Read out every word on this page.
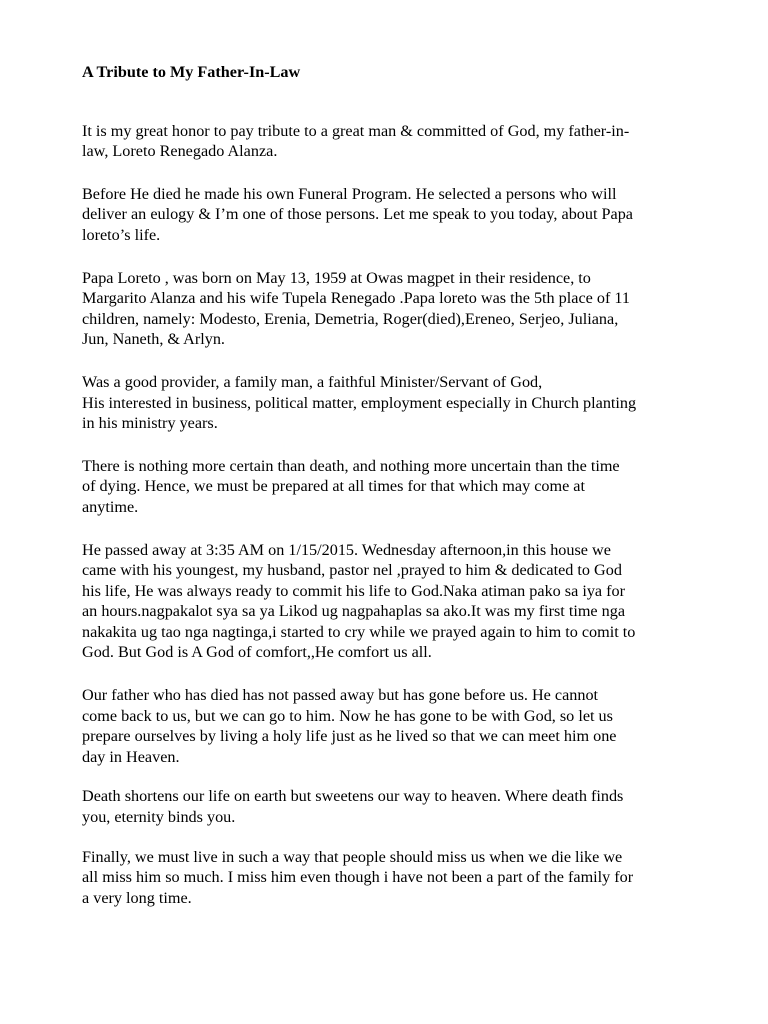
A Tribute to My Father-In-Law
It is my great honor to pay tribute to a great man & committed of God, my father-in-
law, Loreto Renegado Alanza.
Before He died he made his own Funeral Program. He selected a persons who will
deliver an eulogy & I’m one of those persons. Let me speak to you today, about Papa
loreto’s life.
Papa Loreto , was born on May 13, 1959 at Owas magpet in their residence, to
Margarito Alanza and his wife Tupela Renegado .Papa loreto was the 5th place of 11
children, namely: Modesto, Erenia, Demetria, Roger(died),Ereneo, Serjeo, Juliana,
Jun, Naneth, & Arlyn.
Was a good provider, a family man, a faithful Minister/Servant of God,
His interested in business, political matter, employment especially in Church planting
in his ministry years.
There is nothing more certain than death, and nothing more uncertain than the time
of dying. Hence, we must be prepared at all times for that which may come at
anytime.
He passed away at 3:35 AM on 1/15/2015. Wednesday afternoon,in this house we
came with his youngest, my husband, pastor nel ,prayed to him & dedicated to God
his life, He was always ready to commit his life to God.Naka atiman pako sa iya for
an hours.nagpakalot sya sa ya Likod ug nagpahaplas sa ako.It was my first time nga
nakakita ug tao nga nagtinga,i started to cry while we prayed again to him to comit to
God. But God is A God of comfort,,He comfort us all.
Our father who has died has not passed away but has gone before us. He cannot
come back to us, but we can go to him. Now he has gone to be with God, so let us
prepare ourselves by living a holy life just as he lived so that we can meet him one
day in Heaven.
Death shortens our life on earth but sweetens our way to heaven. Where death finds
you, eternity binds you.
Finally, we must live in such a way that people should miss us when we die like we
all miss him so much. I miss him even though i have not been a part of the family for
a very long time.
